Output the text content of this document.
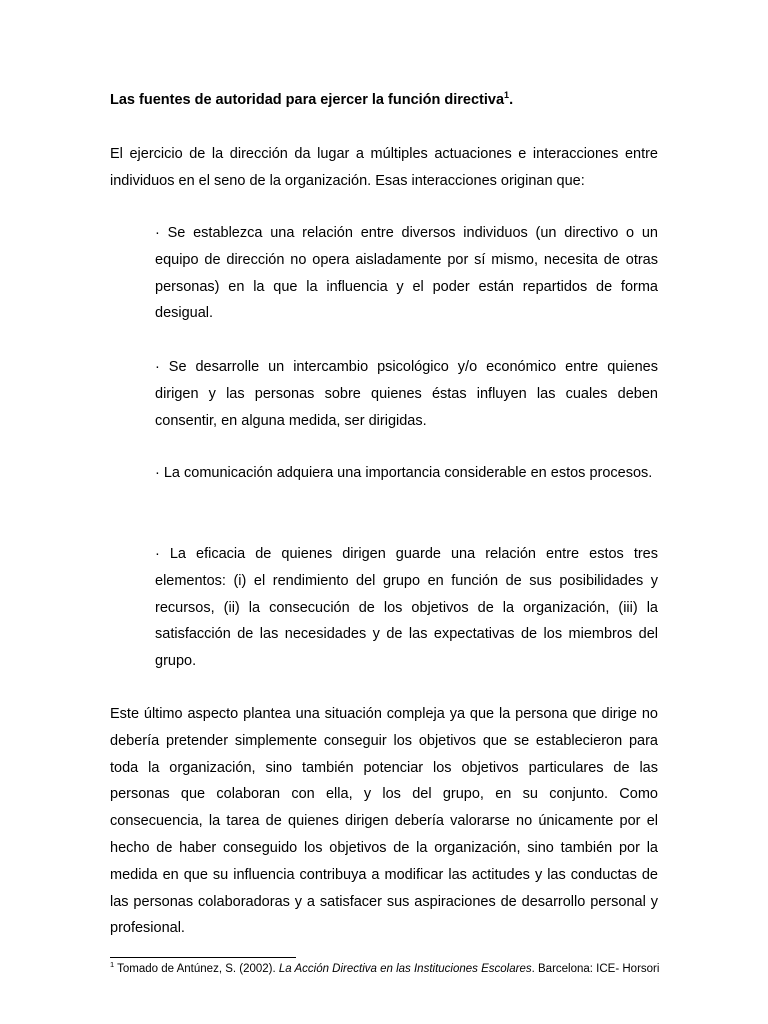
Las fuentes de autoridad para ejercer la función directiva$^1$.

El ejercicio de la dirección da lugar a múltiples actuaciones e interacciones entre individuos en el seno de la organización. Esas interacciones originan que:

· Se establezca una relación entre diversos individuos (un directivo o un equipo de dirección no opera aisladamente por sí mismo, necesita de otras personas) en la que la influencia y el poder están repartidos de forma desigual.

· Se desarrolle un intercambio psicológico y/o económico entre quienes dirigen y las personas sobre quienes éstas influyen las cuales deben consentir, en alguna medida, ser dirigidas.

· La comunicación adquiera una importancia considerable en estos procesos.

· La eficacia de quienes dirigen guarde una relación entre estos tres elementos: (i) el rendimiento del grupo en función de sus posibilidades y recursos, (ii) la consecución de los objetivos de la organización, (iii) la satisfacción de las necesidades y de las expectativas de los miembros del grupo.

Este último aspecto plantea una situación compleja ya que la persona que dirige no debería pretender simplemente conseguir los objetivos que se establecieron para toda la organización, sino también potenciar los objetivos particulares de las personas que colaboran con ella, y los del grupo, en su conjunto. Como consecuencia, la tarea de quienes dirigen debería valorarse no únicamente por el hecho de haber conseguido los objetivos de la organización, sino también por la medida en que su influencia contribuya a modificar las actitudes y las conductas de las personas colaboradoras y a satisfacer sus aspiraciones de desarrollo personal y profesional.

$^1$ Tomado de Antúnez, S. (2002). La Acción Directiva en las Instituciones Escolares. Barcelona: ICE- Horsori
